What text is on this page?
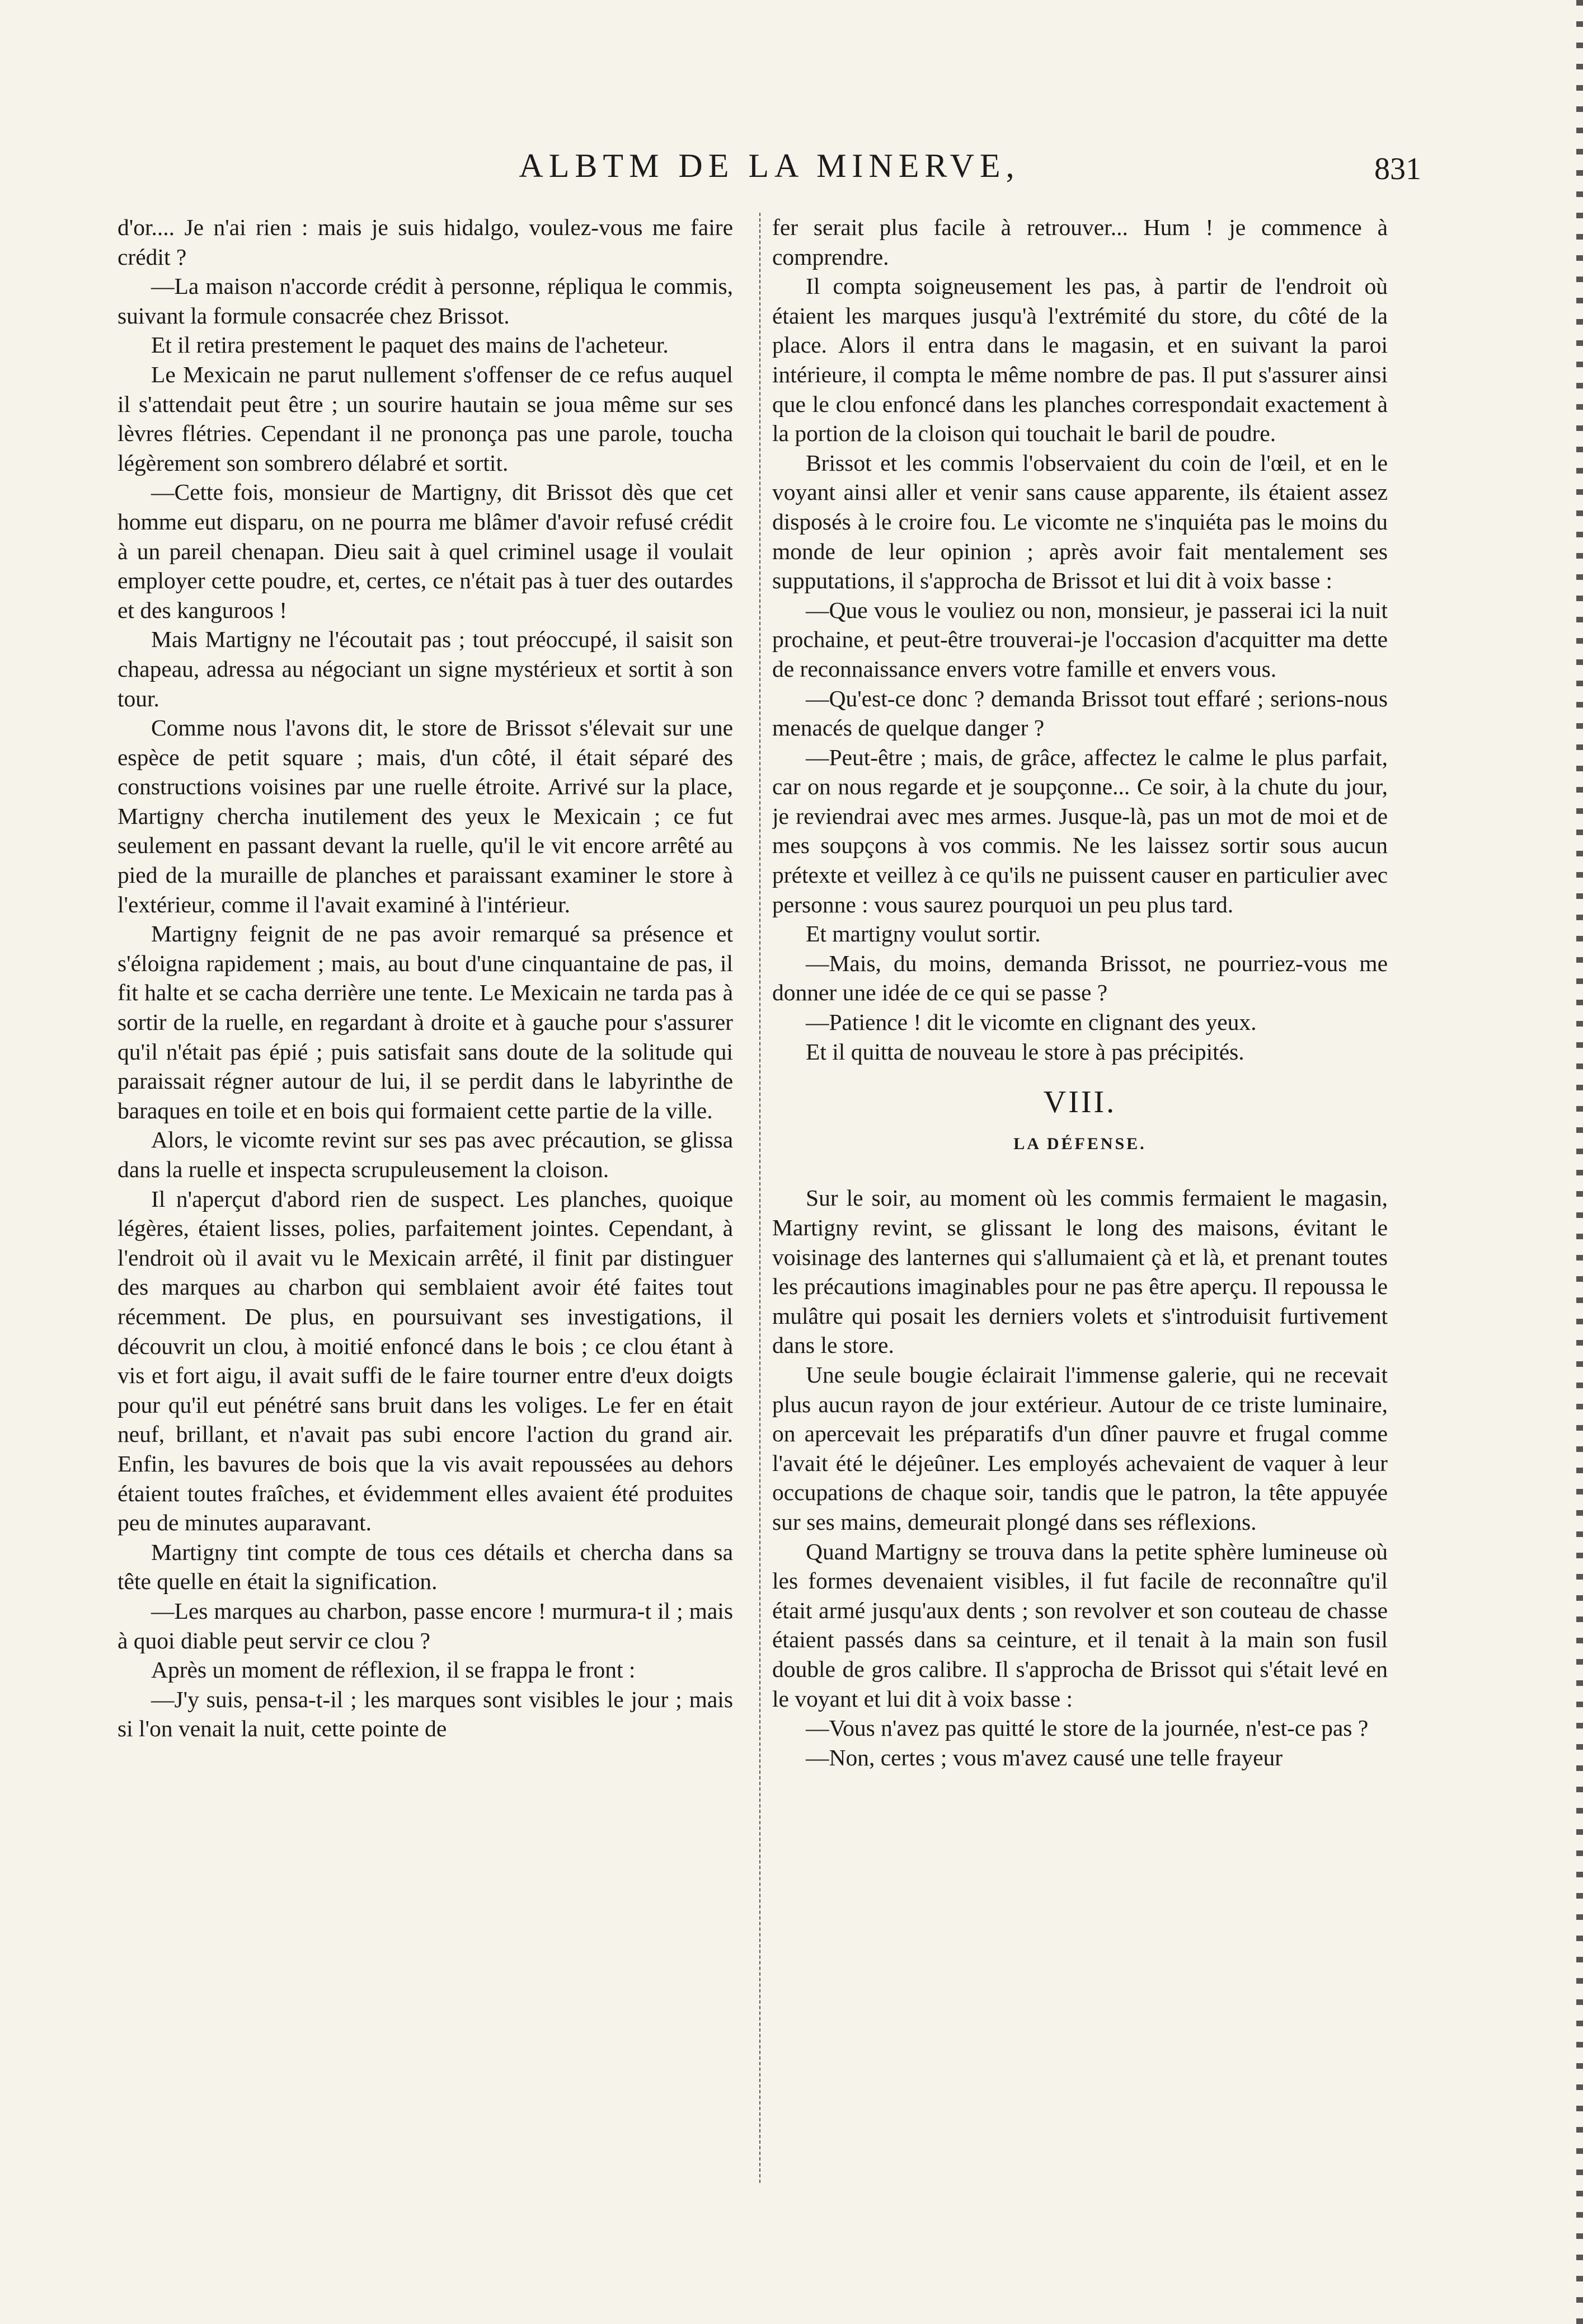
ALBTM DE LA MINERVE,	831

d'or.... Je n'ai rien : mais je suis hidalgo, voulez-vous me faire crédit ?

—La maison n'accorde crédit à personne, répliqua le commis, suivant la formule consacrée chez Brissot.

Et il retira prestement le paquet des mains de l'acheteur.

Le Mexicain ne parut nullement s'offenser de ce refus auquel il s'attendait peut être ; un sourire hautain se joua même sur ses lèvres flétries. Cependant il ne prononça pas une parole, toucha légèrement son sombrero délabré et sortit.

—Cette fois, monsieur de Martigny, dit Brissot dès que cet homme eut disparu, on ne pourra me blâmer d'avoir refusé crédit à un pareil chenapan. Dieu sait à quel criminel usage il voulait employer cette poudre, et, certes, ce n'était pas à tuer des outardes et des kanguroos !

Mais Martigny ne l'écoutait pas ; tout préoccupé, il saisit son chapeau, adressa au négociant un signe mystérieux et sortit à son tour.

Comme nous l'avons dit, le store de Brissot s'élevait sur une espèce de petit square ; mais, d'un côté, il était séparé des constructions voisines par une ruelle étroite. Arrivé sur la place, Martigny chercha inutilement des yeux le Mexicain ; ce fut seulement en passant devant la ruelle, qu'il le vit encore arrêté au pied de la muraille de planches et paraissant examiner le store à l'extérieur, comme il l'avait examiné à l'intérieur.

Martigny feignit de ne pas avoir remarqué sa présence et s'éloigna rapidement ; mais, au bout d'une cinquantaine de pas, il fit halte et se cacha derrière une tente. Le Mexicain ne tarda pas à sortir de la ruelle, en regardant à droite et à gauche pour s'assurer qu'il n'était pas épié ; puis satisfait sans doute de la solitude qui paraissait régner autour de lui, il se perdit dans le labyrinthe de baraques en toile et en bois qui formaient cette partie de la ville.

Alors, le vicomte revint sur ses pas avec précaution, se glissa dans la ruelle et inspecta scrupuleusement la cloison.

Il n'aperçut d'abord rien de suspect. Les planches, quoique légères, étaient lisses, polies, parfaitement jointes. Cependant, à l'endroit où il avait vu le Mexicain arrêté, il finit par distinguer des marques au charbon qui semblaient avoir été faites tout récemment. De plus, en poursuivant ses investigations, il découvrit un clou, à moitié enfoncé dans le bois ; ce clou étant à vis et fort aigu, il avait suffi de le faire tourner entre d'eux doigts pour qu'il eut pénétré sans bruit dans les voliges. Le fer en était neuf, brillant, et n'avait pas subi encore l'action du grand air. Enfin, les bavures de bois que la vis avait repoussées au dehors étaient toutes fraîches, et évidemment elles avaient été produites peu de minutes auparavant.

Martigny tint compte de tous ces détails et chercha dans sa tête quelle en était la signification.

—Les marques au charbon, passe encore ! murmura-t il ; mais à quoi diable peut servir ce clou ?

Après un moment de réflexion, il se frappa le front :

—J'y suis, pensa-t-il ; les marques sont visibles le jour ; mais si l'on venait la nuit, cette pointe de

fer serait plus facile à retrouver... Hum ! je commence à comprendre.

Il compta soigneusement les pas, à partir de l'endroit où étaient les marques jusqu'à l'extrémité du store, du côté de la place. Alors il entra dans le magasin, et en suivant la paroi intérieure, il compta le même nombre de pas. Il put s'assurer ainsi que le clou enfoncé dans les planches correspondait exactement à la portion de la cloison qui touchait le baril de poudre.

Brissot et les commis l'observaient du coin de l'œil, et en le voyant ainsi aller et venir sans cause apparente, ils étaient assez disposés à le croire fou. Le vicomte ne s'inquiéta pas le moins du monde de leur opinion ; après avoir fait mentalement ses supputations, il s'approcha de Brissot et lui dit à voix basse :

—Que vous le vouliez ou non, monsieur, je passerai ici la nuit prochaine, et peut-être trouverai-je l'occasion d'acquitter ma dette de reconnaissance envers votre famille et envers vous.

—Qu'est-ce donc ? demanda Brissot tout effaré ; serions-nous menacés de quelque danger ?

—Peut-être ; mais, de grâce, affectez le calme le plus parfait, car on nous regarde et je soupçonne... Ce soir, à la chute du jour, je reviendrai avec mes armes. Jusque-là, pas un mot de moi et de mes soupçons à vos commis. Ne les laissez sortir sous aucun prétexte et veillez à ce qu'ils ne puissent causer en particulier avec personne : vous saurez pourquoi un peu plus tard.

Et martigny voulut sortir.

—Mais, du moins, demanda Brissot, ne pourriez-vous me donner une idée de ce qui se passe ?

—Patience ! dit le vicomte en clignant des yeux.

Et il quitta de nouveau le store à pas précipités.

VIII.
LA DÉFENSE.

Sur le soir, au moment où les commis fermaient le magasin, Martigny revint, se glissant le long des maisons, évitant le voisinage des lanternes qui s'allumaient çà et là, et prenant toutes les précautions imaginables pour ne pas être aperçu. Il repoussa le mulâtre qui posait les derniers volets et s'introduisit furtivement dans le store.

Une seule bougie éclairait l'immense galerie, qui ne recevait plus aucun rayon de jour extérieur. Autour de ce triste luminaire, on apercevait les préparatifs d'un dîner pauvre et frugal comme l'avait été le déjeûner. Les employés achevaient de vaquer à leur occupations de chaque soir, tandis que le patron, la tête appuyée sur ses mains, demeurait plongé dans ses réflexions.

Quand Martigny se trouva dans la petite sphère lumineuse où les formes devenaient visibles, il fut facile de reconnaître qu'il était armé jusqu'aux dents ; son revolver et son couteau de chasse étaient passés dans sa ceinture, et il tenait à la main son fusil double de gros calibre. Il s'approcha de Brissot qui s'était levé en le voyant et lui dit à voix basse :

—Vous n'avez pas quitté le store de la journée, n'est-ce pas ?

—Non, certes ; vous m'avez causé une telle frayeur
